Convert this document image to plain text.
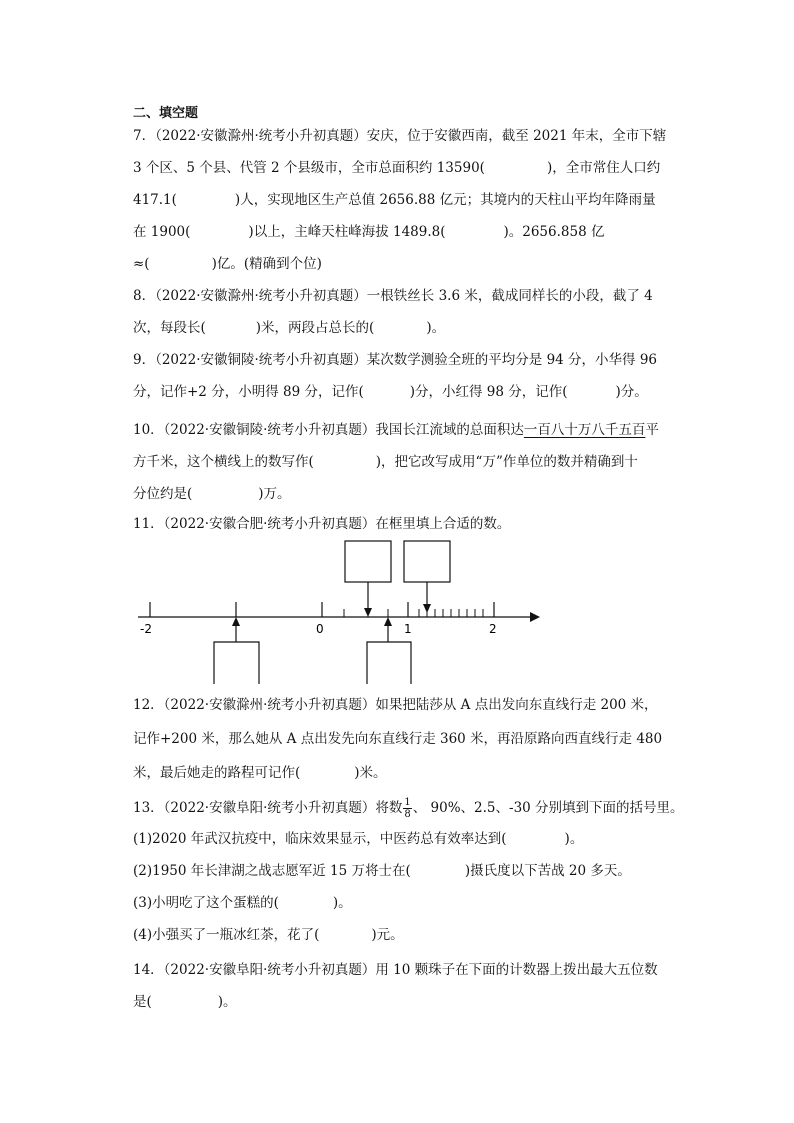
二、填空题
7．（2022·安徽滁州·统考小升初真题）安庆，位于安徽西南，截至 2021 年末，全市下辖
3 个区、5 个县、代管 2 个县级市，全市总面积约 13590(	)，全市常住人口约
417.1(	)人，实现地区生产总值 2656.88 亿元；其境内的天柱山平均年降雨量
在 1900(	)以上，主峰天柱峰海拔 1489.8(	)。2656.858 亿
≈(	)亿。(精确到个位)
8．（2022·安徽滁州·统考小升初真题）一根铁丝长 3.6 米，截成同样长的小段，截了 4
次，每段长(	)米，两段占总长的(	)。
9．（2022·安徽铜陵·统考小升初真题）某次数学测验全班的平均分是 94 分，小华得 96
分，记作+2 分，小明得 89 分，记作(	)分，小红得 98 分，记作(	)分。
10．（2022·安徽铜陵·统考小升初真题）我国长江流域的总面积达一百八十万八千五百平
方千米，这个横线上的数写作(	)，把它改写成用“万”作单位的数并精确到十
分位约是(	)万。
11．（2022·安徽合肥·统考小升初真题）在框里填上合适的数。
-2	0	1	2
12．（2022·安徽滁州·统考小升初真题）如果把陆莎从 A 点出发向东直线行走 200 米，
记作+200 米，那么她从 A 点出发先向东直线行走 360 米，再沿原路向西直线行走 480
米，最后她走的路程可记作(	)米。
13．（2022·安徽阜阳·统考小升初真题）将数 $\frac{1}{8}$ 、 90%、2.5、-30 分别填到下面的括号里。
(1)2020 年武汉抗疫中，临床效果显示，中医药总有效率达到(	)。
(2)1950 年长津湖之战志愿军近 15 万将士在(	)摄氏度以下苦战 20 多天。
(3)小明吃了这个蛋糕的(	)。
(4)小强买了一瓶冰红茶，花了(	)元。
14．（2022·安徽阜阳·统考小升初真题）用 10 颗珠子在下面的计数器上拨出最大五位数
是(	)。
